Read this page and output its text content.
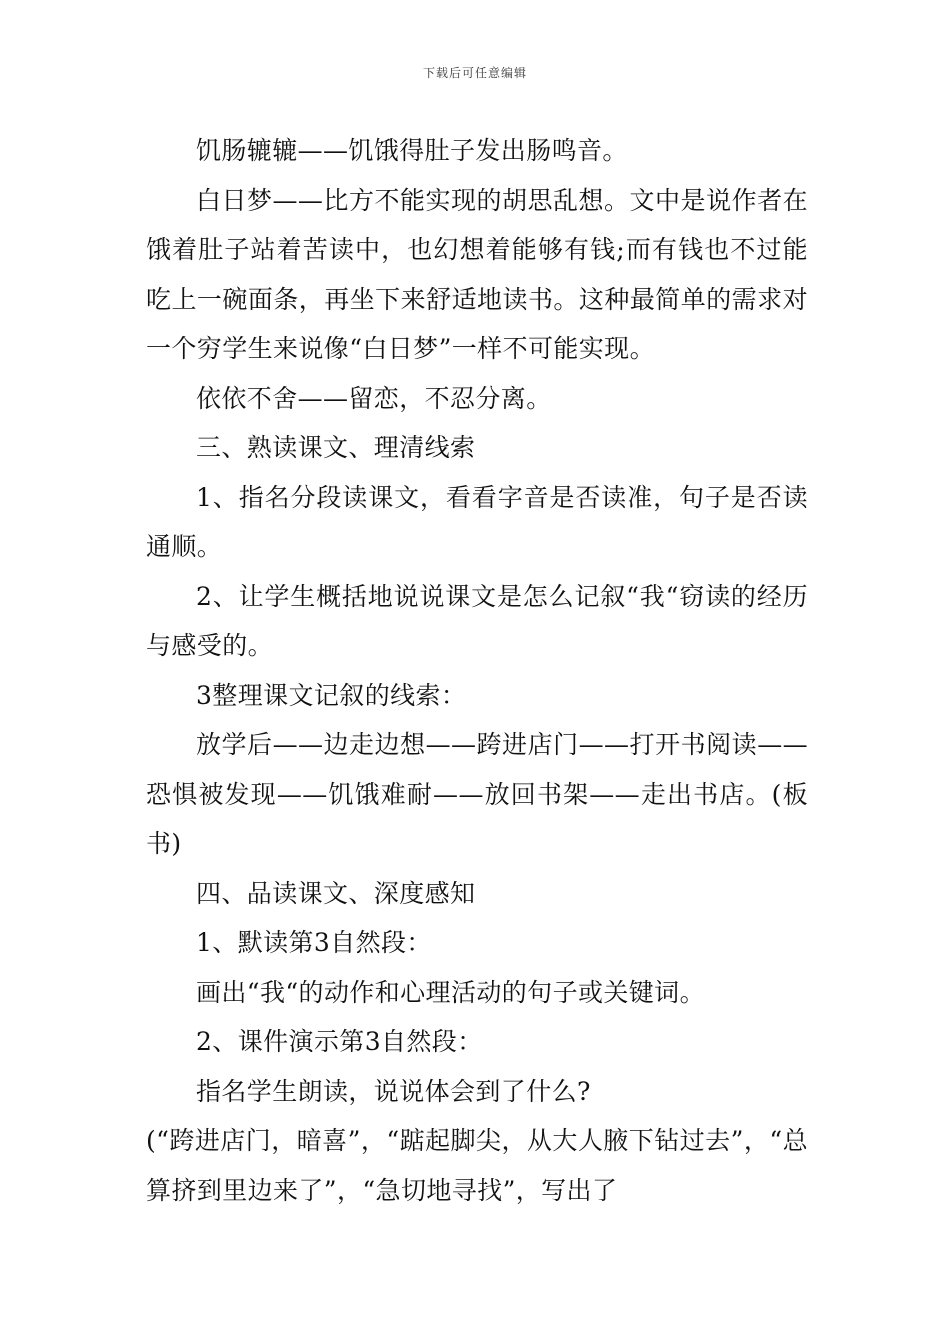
下载后可任意编辑

饥肠辘辘——饥饿得肚子发出肠鸣音。

白日梦——比方不能实现的胡思乱想。文中是说作者在饿着肚子站着苦读中，也幻想着能够有钱;而有钱也不过能吃上一碗面条，再坐下来舒适地读书。这种最简单的需求对一个穷学生来说像“白日梦”一样不可能实现。

依依不舍——留恋，不忍分离。

三、熟读课文、理清线索

1、指名分段读课文，看看字音是否读准，句子是否读通顺。

2、让学生概括地说说课文是怎么记叙“我“窃读的经历与感受的。

3整理课文记叙的线索：

放学后——边走边想——跨进店门——打开书阅读——恐惧被发现——饥饿难耐——放回书架——走出书店。(板书)

四、品读课文、深度感知

1、默读第3自然段：

画出“我“的动作和心理活动的句子或关键词。

2、课件演示第3自然段：

指名学生朗读，说说体会到了什么?

(“跨进店门，暗喜”，“踮起脚尖，从大人腋下钻过去”，“总算挤到里边来了”，“急切地寻找”，写出了
